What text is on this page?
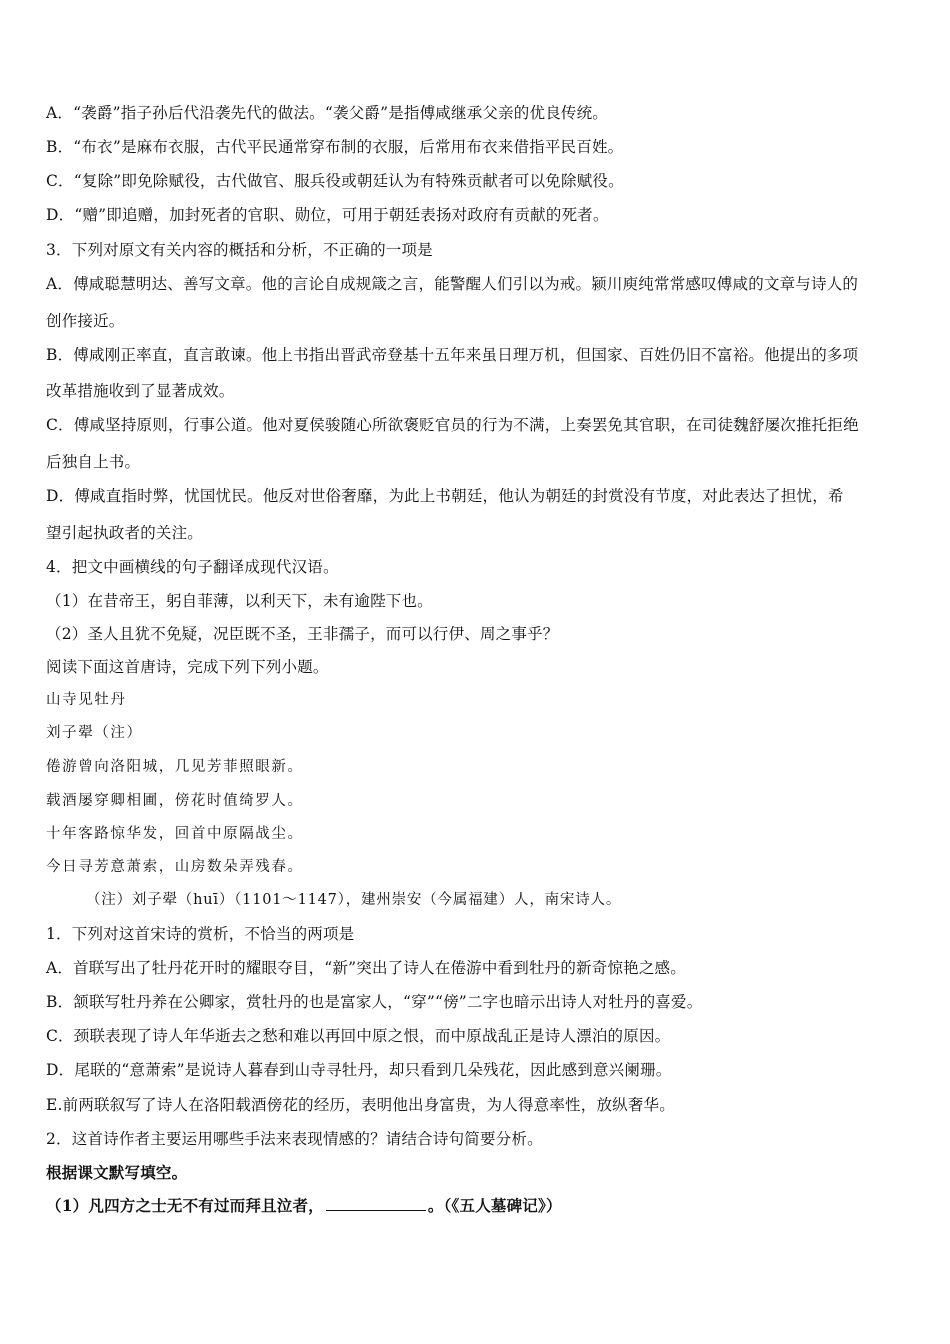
A．“袭爵”指子孙后代沿袭先代的做法。“袭父爵”是指傅咸继承父亲的优良传统。
B．“布衣”是麻布衣服，古代平民通常穿布制的衣服，后常用布衣来借指平民百姓。
C．“复除”即免除赋役，古代做官、服兵役或朝廷认为有特殊贡献者可以免除赋役。
D．“赠”即追赠，加封死者的官职、勋位，可用于朝廷表扬对政府有贡献的死者。
3．下列对原文有关内容的概括和分析，不正确的一项是
A．傅咸聪慧明达、善写文章。他的言论自成规箴之言，能警醒人们引以为戒。颍川庾纯常常感叹傅咸的文章与诗人的
创作接近。
B．傅咸刚正率直，直言敢谏。他上书指出晋武帝登基十五年来虽日理万机，但国家、百姓仍旧不富裕。他提出的多项
改革措施收到了显著成效。
C．傅咸坚持原则，行事公道。他对夏侯骏随心所欲褒贬官员的行为不满，上奏罢免其官职，在司徒魏舒屡次推托拒绝
后独自上书。
D．傅咸直指时弊，忧国忧民。他反对世俗奢靡，为此上书朝廷，他认为朝廷的封赏没有节度，对此表达了担忧，希
望引起执政者的关注。
4．把文中画横线的句子翻译成现代汉语。
（1）在昔帝王，躬自菲薄，以利天下，未有逾陛下也。
（2）圣人且犹不免疑，况臣既不圣，王非孺子，而可以行伊、周之事乎？
阅读下面这首唐诗，完成下列下列小题。
山寺见牡丹
刘子翚（注）
倦游曾向洛阳城，几见芳菲照眼新。
载酒屡穿卿相圃，傍花时值绮罗人。
十年客路惊华发，回首中原隔战尘。
今日寻芳意萧索，山房数朵弄残春。
（注）刘子翚（huī）（1101～1147），建州崇安（今属福建）人，南宋诗人。
1．下列对这首宋诗的赏析，不恰当的两项是
A．首联写出了牡丹花开时的耀眼夺目，“新”突出了诗人在倦游中看到牡丹的新奇惊艳之感。
B．颔联写牡丹养在公卿家，赏牡丹的也是富家人，“穿”“傍”二字也暗示出诗人对牡丹的喜爱。
C．颈联表现了诗人年华逝去之愁和难以再回中原之恨，而中原战乱正是诗人漂泊的原因。
D．尾联的“意萧索”是说诗人暮春到山寺寻牡丹，却只看到几朵残花，因此感到意兴阑珊。
E.前两联叙写了诗人在洛阳载酒傍花的经历，表明他出身富贵，为人得意率性，放纵奢华。
2．这首诗作者主要运用哪些手法来表现情感的？请结合诗句简要分析。
根据课文默写填空。
（1）凡四方之士无不有过而拜且泣者，	。（《五人墓碑记》）
